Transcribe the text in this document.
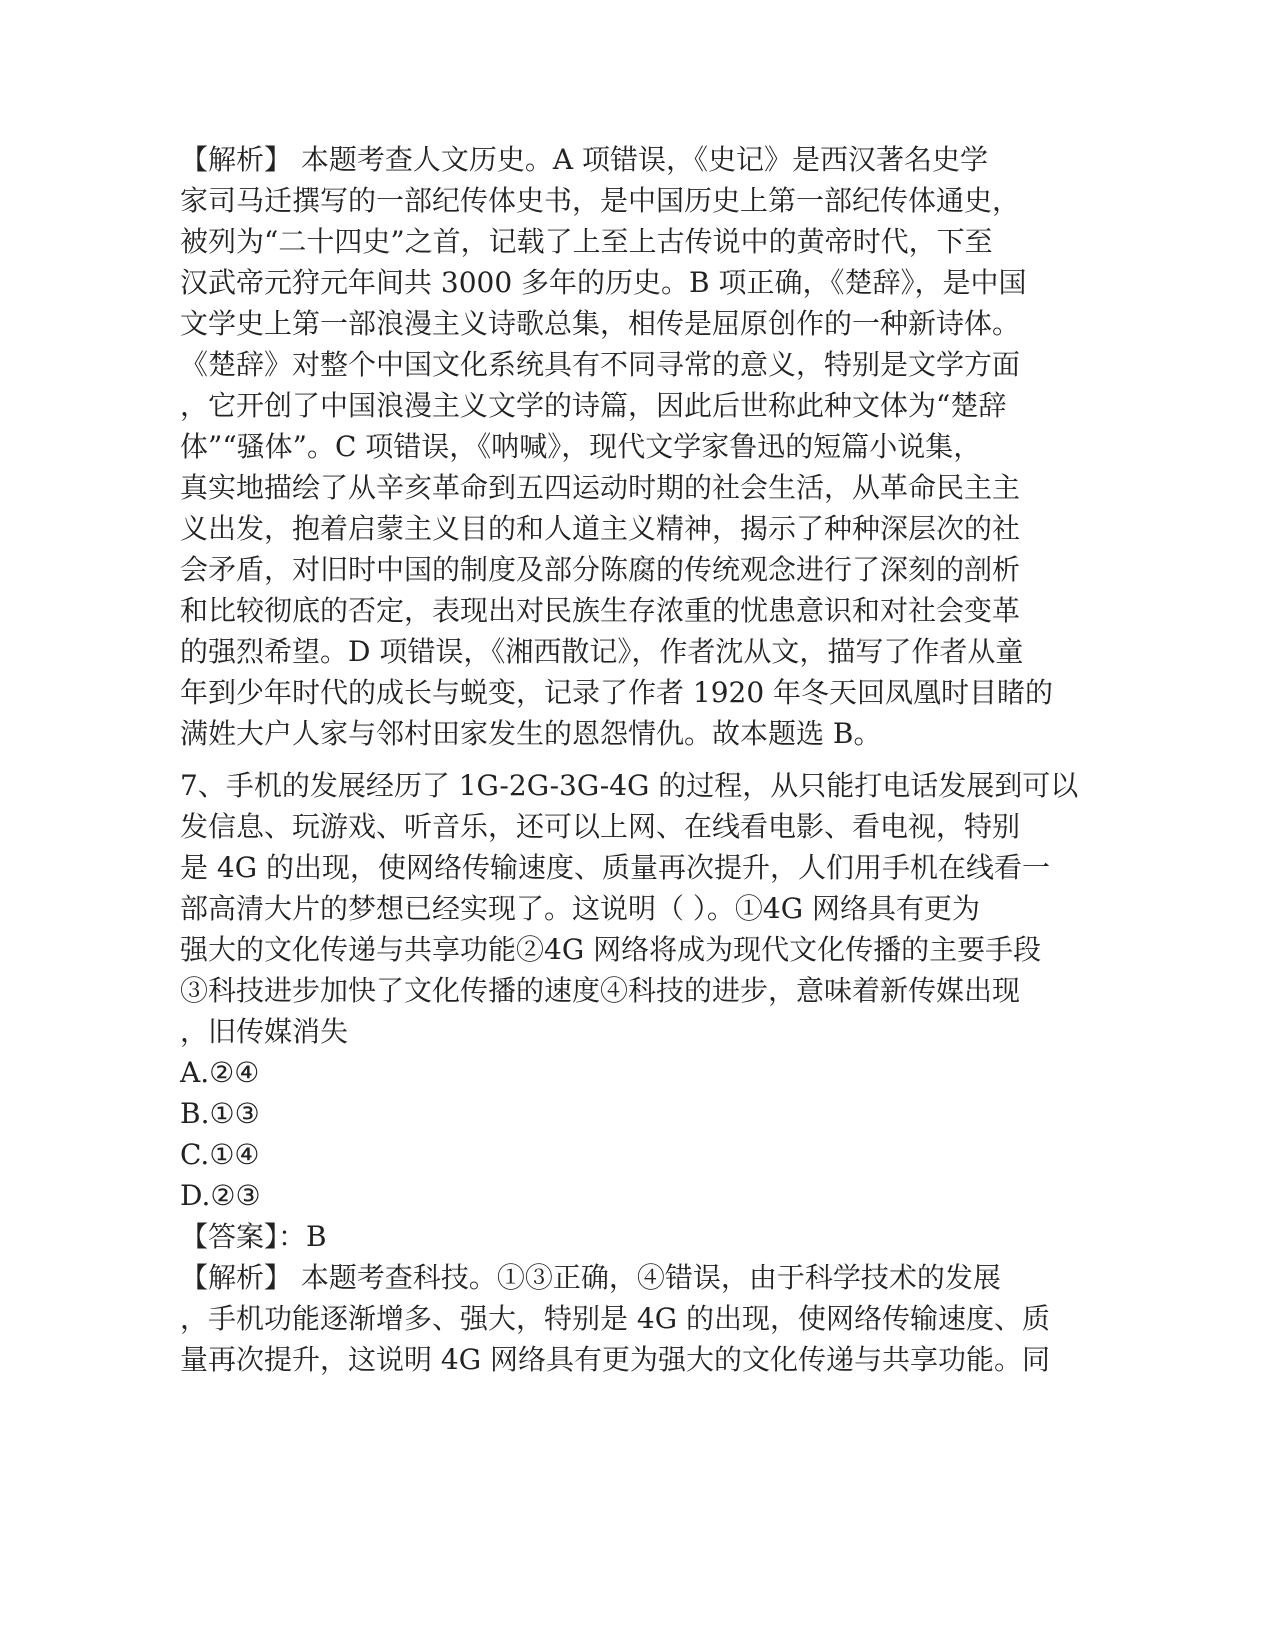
【解析】 本题考查人文历史。A 项错误，《史记》是西汉著名史学
家司马迁撰写的一部纪传体史书，是中国历史上第一部纪传体通史，
被列为“二十四史”之首，记载了上至上古传说中的黄帝时代，下至
汉武帝元狩元年间共 3000 多年的历史。B 项正确，《楚辞》，是中国
文学史上第一部浪漫主义诗歌总集，相传是屈原创作的一种新诗体。
《楚辞》对整个中国文化系统具有不同寻常的意义，特别是文学方面
，它开创了中国浪漫主义文学的诗篇，因此后世称此种文体为“楚辞
体”“骚体”。C 项错误，《呐喊》，现代文学家鲁迅的短篇小说集，
真实地描绘了从辛亥革命到五四运动时期的社会生活，从革命民主主
义出发，抱着启蒙主义目的和人道主义精神，揭示了种种深层次的社
会矛盾，对旧时中国的制度及部分陈腐的传统观念进行了深刻的剖析
和比较彻底的否定，表现出对民族生存浓重的忧患意识和对社会变革
的强烈希望。D 项错误，《湘西散记》，作者沈从文，描写了作者从童
年到少年时代的成长与蜕变，记录了作者 1920 年冬天回凤凰时目睹的
满姓大户人家与邻村田家发生的恩怨情仇。故本题选 B。
7、手机的发展经历了 1G-2G-3G-4G 的过程，从只能打电话发展到可以
发信息、玩游戏、听音乐，还可以上网、在线看电影、看电视，特别
是 4G 的出现，使网络传输速度、质量再次提升，人们用手机在线看一
部高清大片的梦想已经实现了。这说明（ ）。①4G 网络具有更为
强大的文化传递与共享功能②4G 网络将成为现代文化传播的主要手段
③科技进步加快了文化传播的速度④科技的进步，意味着新传媒出现
，旧传媒消失
A.②④
B.①③
C.①④
D.②③
【答案】：B
【解析】 本题考查科技。①③正确，④错误，由于科学技术的发展
，手机功能逐渐增多、强大，特别是 4G 的出现，使网络传输速度、质
量再次提升，这说明 4G 网络具有更为强大的文化传递与共享功能。同
